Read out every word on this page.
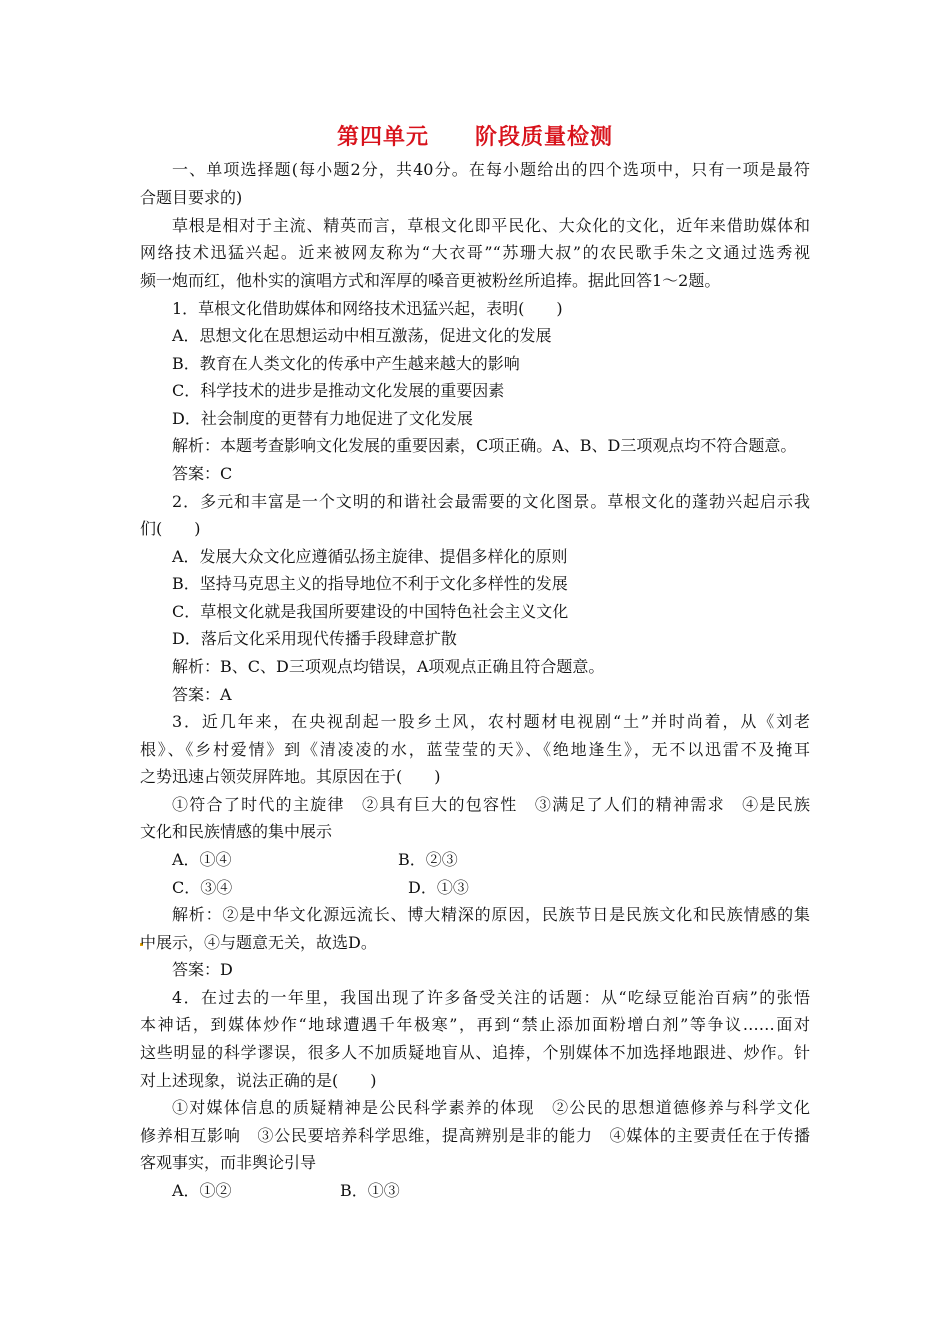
第四单元　　阶段质量检测
一、单项选择题(每小题2分，共40分。在每小题给出的四个选项中，只有一项是最符
合题目要求的)
草根是相对于主流、精英而言，草根文化即平民化、大众化的文化，近年来借助媒体和
网络技术迅猛兴起。近来被网友称为“大衣哥”“苏珊大叔”的农民歌手朱之文通过选秀视
频一炮而红，他朴实的演唱方式和浑厚的嗓音更被粉丝所追捧。据此回答1～2题。
1．草根文化借助媒体和网络技术迅猛兴起，表明(　　)
A．思想文化在思想运动中相互激荡，促进文化的发展
B．教育在人类文化的传承中产生越来越大的影响
C．科学技术的进步是推动文化发展的重要因素
D．社会制度的更替有力地促进了文化发展
解析：本题考查影响文化发展的重要因素，C项正确。A、B、D三项观点均不符合题意。
答案：C
2．多元和丰富是一个文明的和谐社会最需要的文化图景。草根文化的蓬勃兴起启示我
们(　　)
A．发展大众文化应遵循弘扬主旋律、提倡多样化的原则
B．坚持马克思主义的指导地位不利于文化多样性的发展
C．草根文化就是我国所要建设的中国特色社会主义文化
D．落后文化采用现代传播手段肆意扩散
解析：B、C、D三项观点均错误，A项观点正确且符合题意。
答案：A
3．近几年来，在央视刮起一股乡土风，农村题材电视剧“土”并时尚着，从《刘老
根》、《乡村爱情》到《清凌凌的水，蓝莹莹的天》、《绝地逢生》，无不以迅雷不及掩耳
之势迅速占领荧屏阵地。其原因在于(　　)
①符合了时代的主旋律　②具有巨大的包容性　③满足了人们的精神需求　④是民族
文化和民族情感的集中展示
A．①④	B．②③
C．③④	D．①③
解析：②是中华文化源远流长、博大精深的原因，民族节日是民族文化和民族情感的集
中展示，④与题意无关，故选D。
答案：D
4．在过去的一年里，我国出现了许多备受关注的话题：从“吃绿豆能治百病”的张悟
本神话，到媒体炒作“地球遭遇千年极寒”，再到“禁止添加面粉增白剂”等争议……面对
这些明显的科学谬误，很多人不加质疑地盲从、追捧，个别媒体不加选择地跟进、炒作。针
对上述现象，说法正确的是(　　)
①对媒体信息的质疑精神是公民科学素养的体现　②公民的思想道德修养与科学文化
修养相互影响　③公民要培养科学思维，提高辨别是非的能力　④媒体的主要责任在于传播
客观事实，而非舆论引导
A．①②	B．①③
